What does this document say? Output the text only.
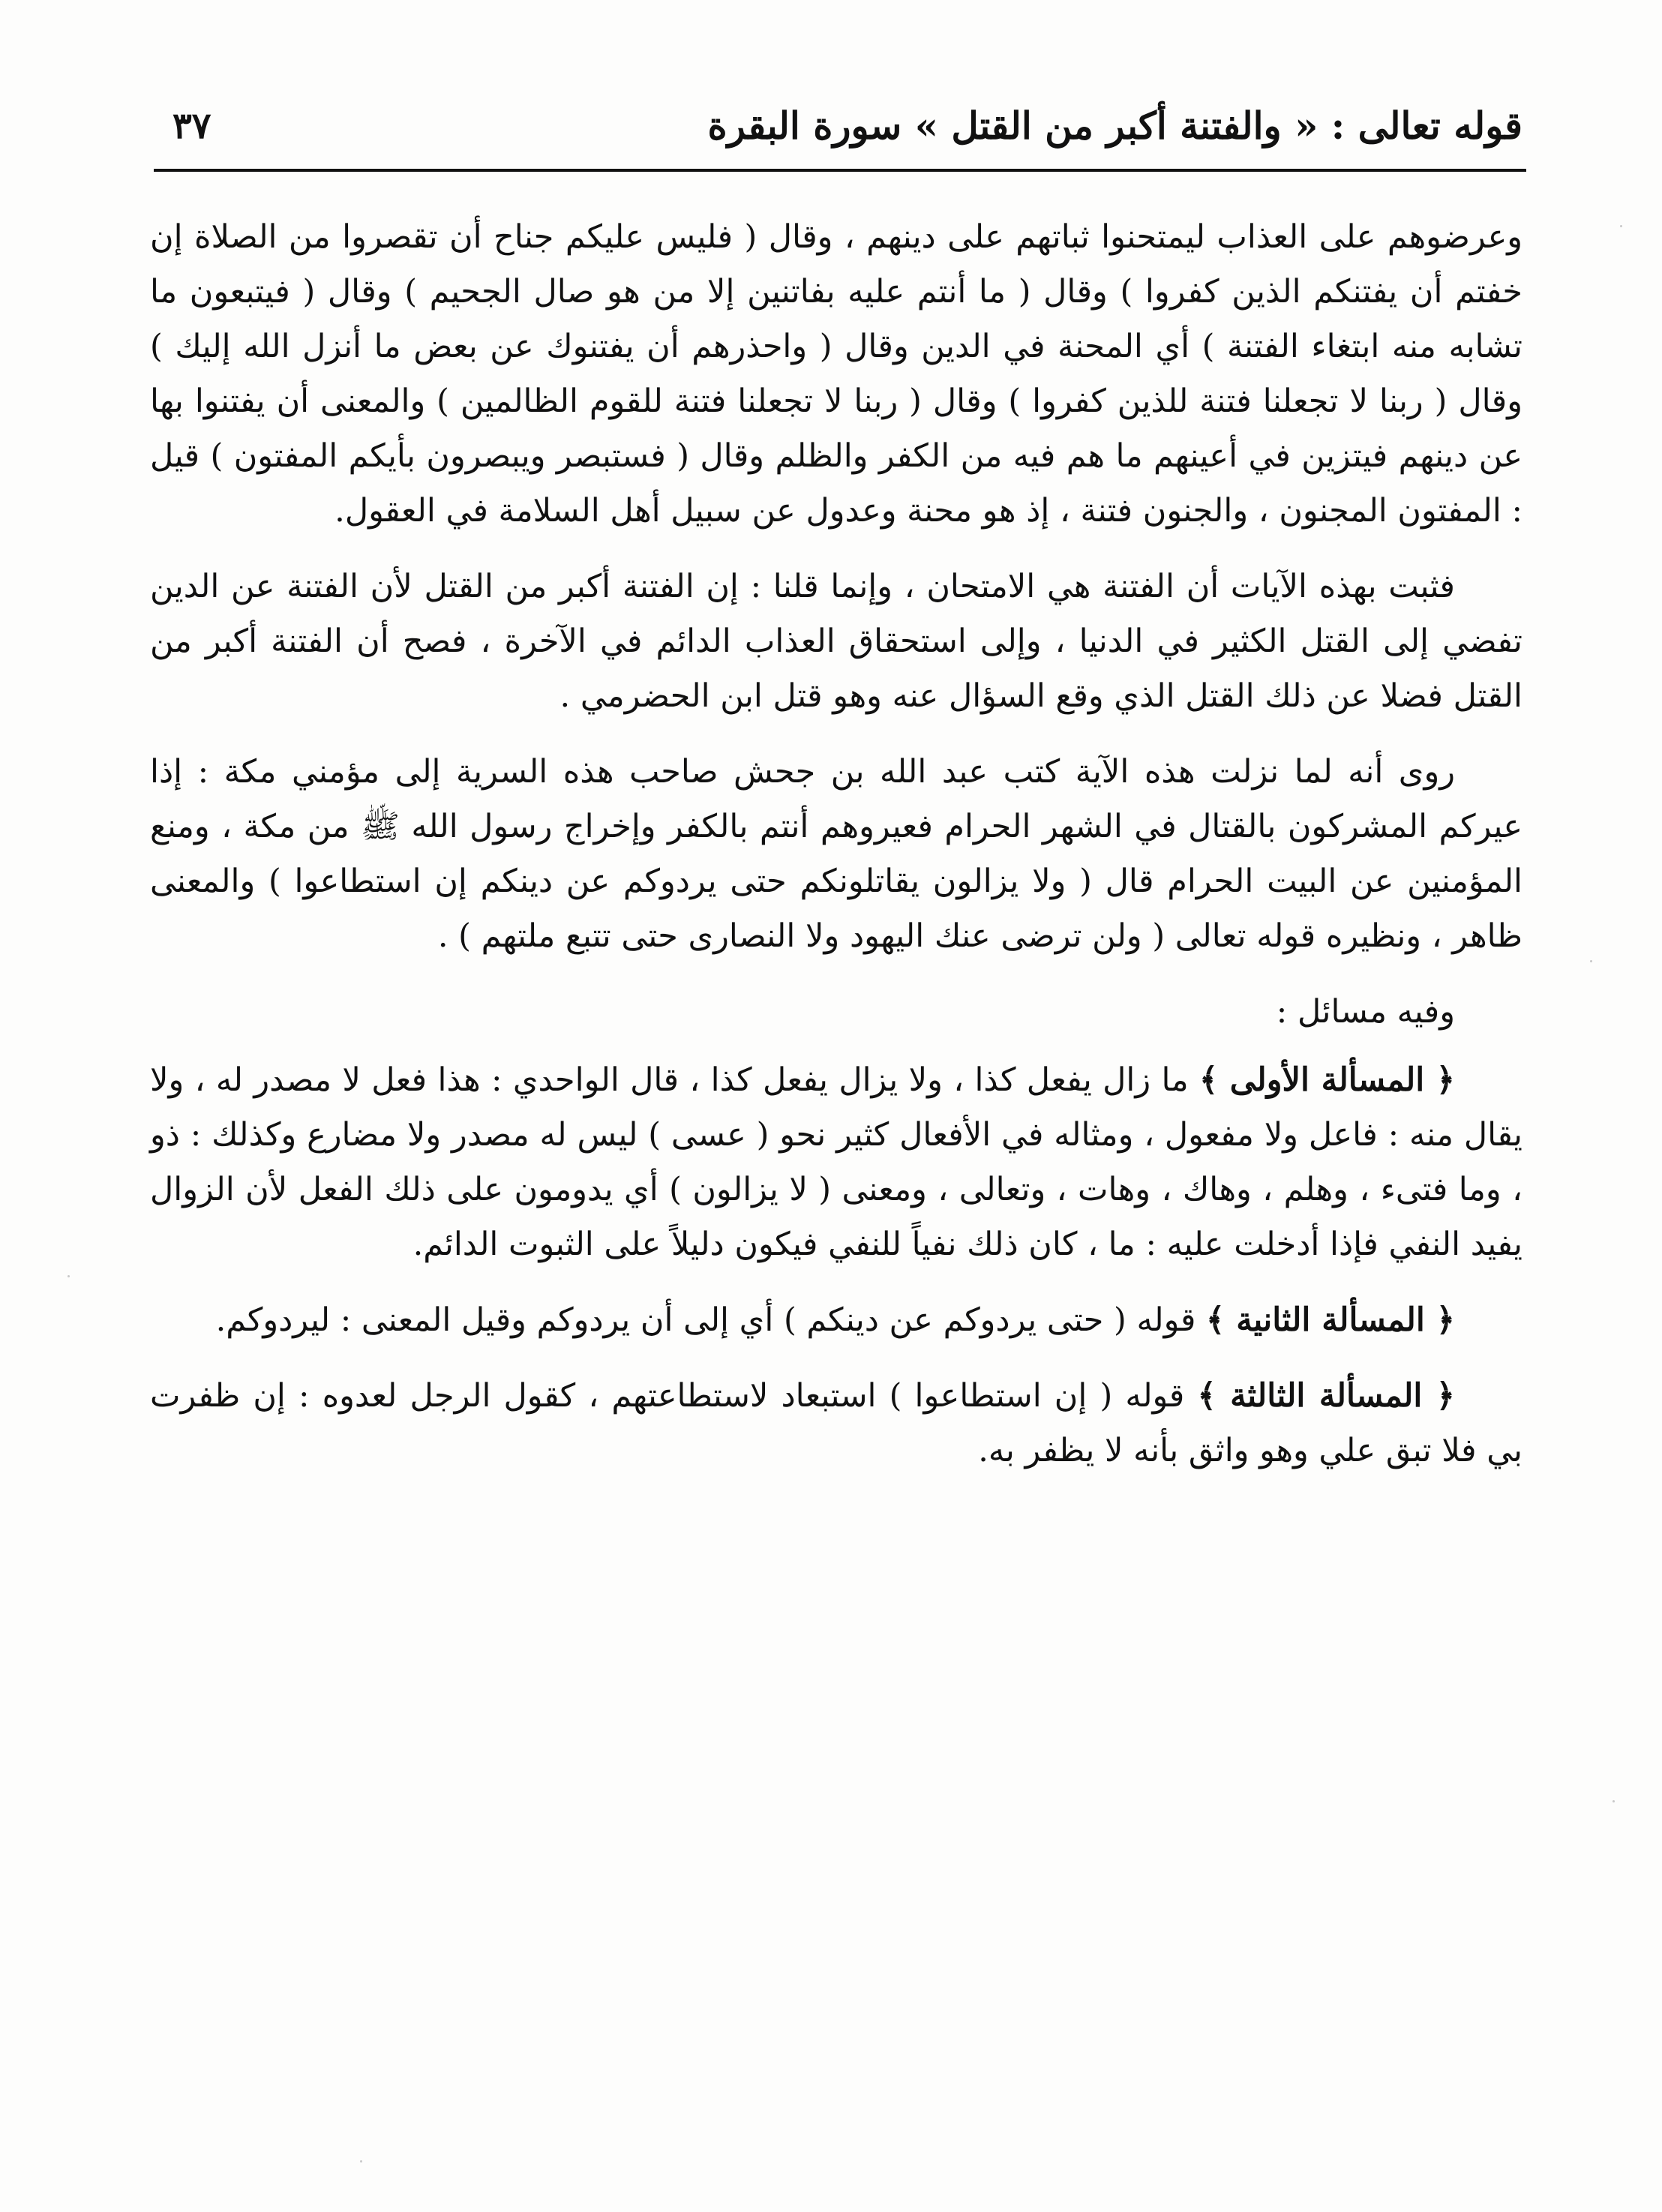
قوله تعالى : « والفتنة أكبر من القتل » سورة البقرة
٣٧

وعرضوهم على العذاب ليمتحنوا ثباتهم على دينهم ، وقال ( فليس عليكم جناح أن تقصروا من الصلاة إن خفتم أن يفتنكم الذين كفروا ) وقال ( ما أنتم عليه بفاتنين إلا من هو صال الجحيم ) وقال ( فيتبعون ما تشابه منه ابتغاء الفتنة ) أي المحنة في الدين وقال ( واحذرهم أن يفتنوك عن بعض ما أنزل الله إليك ) وقال ( ربنا لا تجعلنا فتنة للذين كفروا ) وقال ( ربنا لا تجعلنا فتنة للقوم الظالمين ) والمعنى أن يفتنوا بها عن دينهم فيتزين في أعينهم ما هم فيه من الكفر والظلم وقال ( فستبصر ويبصرون بأيكم المفتون ) قيل : المفتون المجنون ، والجنون فتنة ، إذ هو محنة وعدول عن سبيل أهل السلامة في العقول.

فثبت بهذه الآيات أن الفتنة هي الامتحان ، وإنما قلنا : إن الفتنة أكبر من القتل لأن الفتنة عن الدين تفضي إلى القتل الكثير في الدنيا ، وإلى استحقاق العذاب الدائم في الآخرة ، فصح أن الفتنة أكبر من القتل فضلا عن ذلك القتل الذي وقع السؤال عنه وهو قتل ابن الحضرمي .

روى أنه لما نزلت هذه الآية كتب عبد الله بن جحش صاحب هذه السرية إلى مؤمني مكة : إذا عيركم المشركون بالقتال في الشهر الحرام فعيروهم أنتم بالكفر وإخراج رسول الله ﷺ من مكة ، ومنع المؤمنين عن البيت الحرام قال ( ولا يزالون يقاتلونكم حتى يردوكم عن دينكم إن استطاعوا ) والمعنى ظاهر ، ونظيره قوله تعالى ( ولن ترضى عنك اليهود ولا النصارى حتى تتبع ملتهم ) .

وفيه مسائل :

﴿ المسألة الأولى ﴾ ما زال يفعل كذا ، ولا يزال يفعل كذا ، قال الواحدي : هذا فعل لا مصدر له ، ولا يقال منه : فاعل ولا مفعول ، ومثاله في الأفعال كثير نحو ( عسى ) ليس له مصدر ولا مضارع وكذلك : ذو ، وما فتىء ، وهلم ، وهاك ، وهات ، وتعالى ، ومعنى ( لا يزالون ) أي يدومون على ذلك الفعل لأن الزوال يفيد النفي فإذا أدخلت عليه : ما ، كان ذلك نفياً للنفي فيكون دليلاً على الثبوت الدائم.

﴿ المسألة الثانية ﴾ قوله ( حتى يردوكم عن دينكم ) أي إلى أن يردوكم وقيل المعنى : ليردوكم.

﴿ المسألة الثالثة ﴾ قوله ( إن استطاعوا ) استبعاد لاستطاعتهم ، كقول الرجل لعدوه : إن ظفرت بي فلا تبق علي وهو واثق بأنه لا يظفر به.
